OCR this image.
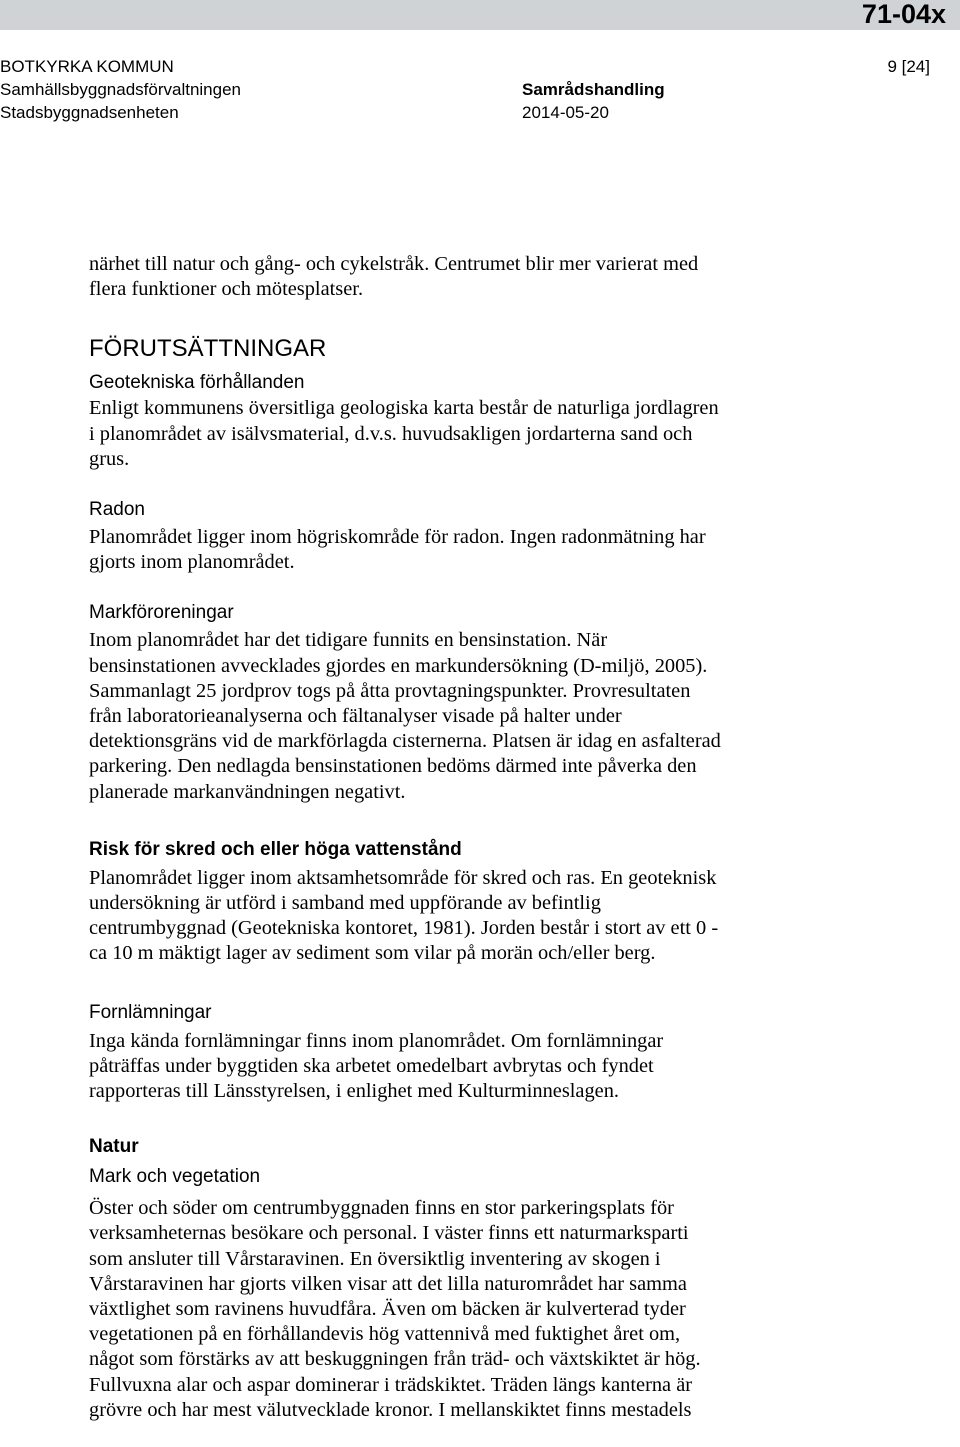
71-04x
BOTKYRKA KOMMUN
Samhällsbyggnadsförvaltningen
Stadsbyggnadsenheten
Samrådshandling
2014-05-20
9 [24]

närhet till natur och gång- och cykelstråk. Centrumet blir mer varierat med
flera funktioner och mötesplatser.

FÖRUTSÄTTNINGAR
Geotekniska förhållanden

Enligt kommunens översitliga geologiska karta består de naturliga jordlagren
i planområdet av isälvsmaterial, d.v.s. huvudsakligen jordarterna sand och
grus.

Radon

Planområdet ligger inom högriskområde för radon. Ingen radonmätning har
gjorts inom planområdet.

Markföroreningar

Inom planområdet har det tidigare funnits en bensinstation. När
bensinstationen avvecklades gjordes en markundersökning (D-miljö, 2005).
Sammanlagt 25 jordprov togs på åtta provtagningspunkter. Provresultaten
från laboratorieanalyserna och fältanalyser visade på halter under
detektionsgräns vid de markförlagda cisternerna. Platsen är idag en asfalterad
parkering. Den nedlagda bensinstationen bedöms därmed inte påverka den
planerade markanvändningen negativt.

Risk för skred och eller höga vattenstånd

Planområdet ligger inom aktsamhetsområde för skred och ras. En geoteknisk
undersökning är utförd i samband med uppförande av befintlig
centrumbyggnad (Geotekniska kontoret, 1981). Jorden består i stort av ett 0 -
ca 10 m mäktigt lager av sediment som vilar på morän och/eller berg.

Fornlämningar

Inga kända fornlämningar finns inom planområdet. Om fornlämningar
påträffas under byggtiden ska arbetet omedelbart avbrytas och fyndet
rapporteras till Länsstyrelsen, i enlighet med Kulturminneslagen.

Natur
Mark och vegetation

Öster och söder om centrumbyggnaden finns en stor parkeringsplats för
verksamheternas besökare och personal. I väster finns ett naturmarksparti
som ansluter till Vårstaravinen. En översiktlig inventering av skogen i
Vårstaravinen har gjorts vilken visar att det lilla naturområdet har samma
växtlighet som ravinens huvudfåra. Även om bäcken är kulverterad tyder
vegetationen på en förhållandevis hög vattennivå med fuktighet året om,
något som förstärks av att beskuggningen från träd- och växtskiktet är hög.
Fullvuxna alar och aspar dominerar i trädskiktet. Träden längs kanterna är
grövre och har mest välutvecklade kronor. I mellanskiktet finns mestadels
